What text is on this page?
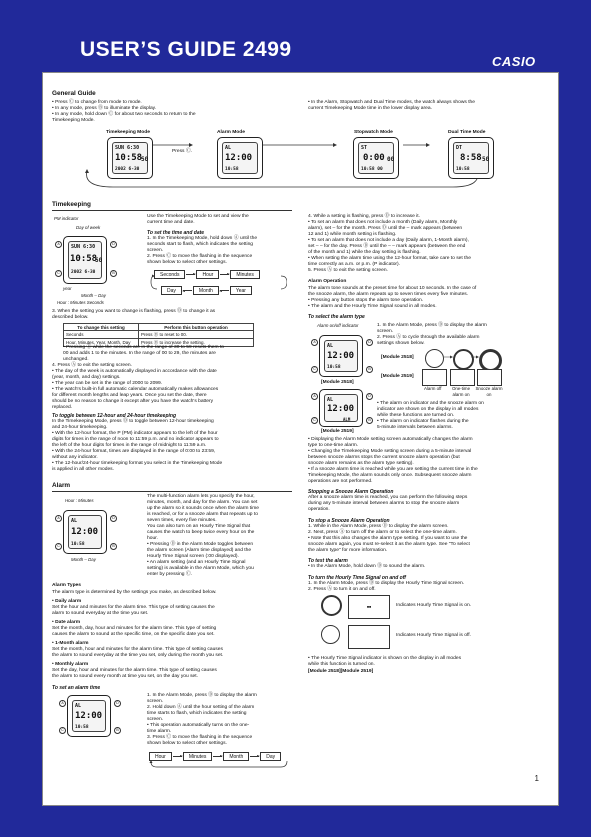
USER’S GUIDE 2499
CASIO
General Guide
• Press Ⓒ to change from mode to mode.
• In any mode, press Ⓑ to illuminate the display.
• In any mode, hold down Ⓒ for about two seconds to return to the
Timekeeping Mode.
• In the Alarm, Stopwatch and Dual Time modes, the watch always shows the
current Timekeeping Mode time in the lower display area.
Timekeeping Mode	Alarm Mode	Stopwatch Mode	Dual Time Mode
Press Ⓒ.
SUN 6:30
10:58
50
2002 6-30
AL
12:00
10:58
ST
0:00 00
10:58 00
DT
8:58 50
10:58
Timekeeping
PM indicator
Day of week
SUN 6:30
10:58
50
2002 6-30
A	D
C	B
year
Month – Day
Hour : Minutes Seconds
Use the Timekeeping Mode to set and view the
current time and date.
To set the time and date
1. In the Timekeeping Mode, hold down Ⓐ until the
seconds start to flash, which indicates the setting
screen.
2. Press Ⓒ to move the flashing in the sequence
shown below to select other settings.
Seconds	Hour	Minutes
Day	Month	Year
3. When the setting you want to change is flashing, press Ⓓ to change it as
described below.
To change this setting	Perform this button operation
Seconds	Press Ⓓ to reset to 00.
Hour, Minutes, Year, Month, Day	Press Ⓓ to increase the setting.
• Pressing Ⓓ while the seconds are in the range of 30 to 59 resets them to
00 and adds 1 to the minutes. In the range of 00 to 29, the minutes are
unchanged.
4. Press Ⓐ to exit the setting screen.
• The day of the week is automatically displayed in accordance with the date
(year, month, and day) settings.
• The year can be set in the range of 2000 to 2099.
• The watch's built-in full automatic calendar automatically makes allowances
for different month lengths and leap years. Once you set the date, there
should be no reason to change it except after you have the watch's battery
replaced.
To toggle between 12-hour and 24-hour timekeeping
In the Timekeeping Mode, press Ⓓ to toggle between 12-hour timekeeping
and 24-hour timekeeping.
• With the 12-hour format, the P (PM) indicator appears to the left of the hour
digits for times in the range of noon to 11:59 p.m. and no indicator appears to
the left of the hour digits for times in the range of midnight to 11:59 a.m.
• With the 24-hour format, times are displayed in the range of 0:00 to 23:59,
without any indicator.
• The 12-hour/24-hour timekeeping format you select in the Timekeeping Mode
is applied in all other modes.
Alarm
Hour : Minutes
AL
12:00
10:58
A	D
C	B
Month – Day
The multi-function alarm lets you specify the hour,
minutes, month, and day for the alarm. You can set
up the alarm so it sounds once when the alarm time
is reached, or for a snooze alarm that repeats up to
seven times, every five minutes.
You can also turn on an Hourly Time Signal that
causes the watch to beep twice every hour on the
hour.
• Pressing Ⓓ in the Alarm Mode toggles between
the alarm screen (Alarm time displayed) and the
Hourly Time Signal screen (:00 displayed).
• An alarm setting (and an Hourly Time Signal
setting) is available in the Alarm Mode, which you
enter by pressing Ⓒ.
Alarm Types
The alarm type is determined by the settings you make, as described below.
• Daily alarm
Set the hour and minutes for the alarm time. This type of setting causes the
alarm to sound everyday at the time you set.
• Date alarm
Set the month, day, hour and minutes for the alarm time. This type of setting
causes the alarm to sound at the specific time, on the specific date you set.
• 1-Month alarm
Set the month, hour and minutes for the alarm time. This type of setting causes
the alarm to sound everyday at the time you set, only during the month you set.
• Monthly alarm
Set the day, hour and minutes for the alarm time. This type of setting causes
the alarm to sound every month at time you set, on the day you set.
To set an alarm time
AL
12:00
10:58
A	D
C	B
1. In the Alarm Mode, press Ⓓ to display the alarm
screen.
2. Hold down Ⓐ until the hour setting of the alarm
time starts to flash, which indicates the setting
screen.
• This operation automatically turns on the one-
time alarm.
3. Press Ⓒ to move the flashing in the sequence
shown below to select other settings.
Hour	Minutes	Month	Day
4. While a setting is flashing, press Ⓓ to increase it.
• To set an alarm that does not include a month (Daily alarm, Monthly
alarm), set – for the month. Press Ⓓ until the – mark appears (between
12 and 1) while month setting is flashing.
• To set an alarm that does not include a day (Daily alarm, 1-Month alarm),
set – – for the day. Press Ⓓ until the – – mark appears (between the end
of the month and 1) while the day setting is flashing.
• When setting the alarm time using the 12-hour format, take care to set the
time correctly as a.m. or p.m. (P indicator).
5. Press Ⓐ to exit the setting screen.
Alarm Operation
The alarm tone sounds at the preset time for about 10 seconds. In the case of
the snooze alarm, the alarm repeats up to seven times every five minutes.
• Pressing any button stops the alarm tone operation.
• The alarm and the Hourly Time Signal sound in all modes.
To select the alarm type
Alarm on/off indicator
AL
12:00
10:58
A	D
C	B
[Module 2518]
AL
12:00
ALM
A	D
C	B
[Module 2519]
1. In the Alarm Mode, press Ⓓ to display the alarm
screen.
2. Press Ⓐ to cycle through the available alarm
settings shown below.
[Module 2518]
[Module 2519]
Alarm off	One-time alarm on
Snooze alarm on
• The alarm on indicator and the snooze alarm on
indicator are shown on the display in all modes
while these functions are turned on.
• The alarm on indicator flashes during the
5-minute intervals between alarms.
• Displaying the Alarm Mode setting screen automatically changes the alarm
type to one-time alarm.
• Changing the Timekeeping Mode setting screen during a 5-minute interval
between snooze alarms stops the current snooze alarm operation (but
snooze alarm remains as the alarm type setting).
• If a snooze alarm time is reached while you are setting the current time in the
Timekeeping Mode, the alarm sounds only once. Subsequent snooze alarm
operations are not performed.
Stopping a Snooze Alarm Operation
After a snooze alarm time is reached, you can perform the following steps
during any 5-minute interval between alarms to stop the snooze alarm
operation.
To stop a Snooze Alarm Operation
1. While in the Alarm Mode, press Ⓓ to display the alarm screen.
2. Next, press Ⓐ to turn off the alarm or to select the one-time alarm.
• Note that this also changes the alarm type setting. If you want to use the
snooze alarm again, you must re-select it as the alarm type. See "To select
the alarm type" for more information.
To test the alarm
• In the Alarm Mode, hold down Ⓓ to sound the alarm.
To turn the Hourly Time Signal on and off
1. In the Alarm Mode, press Ⓓ to display the Hourly Time Signal screen.
2. Press Ⓐ to turn it on and off.
■■	Indicates Hourly Time Signal is on.
Indicates Hourly Time Signal is off.
• The Hourly Time Signal indicator is shown on the display in all modes
while this function is turned on.
[Module 2518][Module 2519]
1
